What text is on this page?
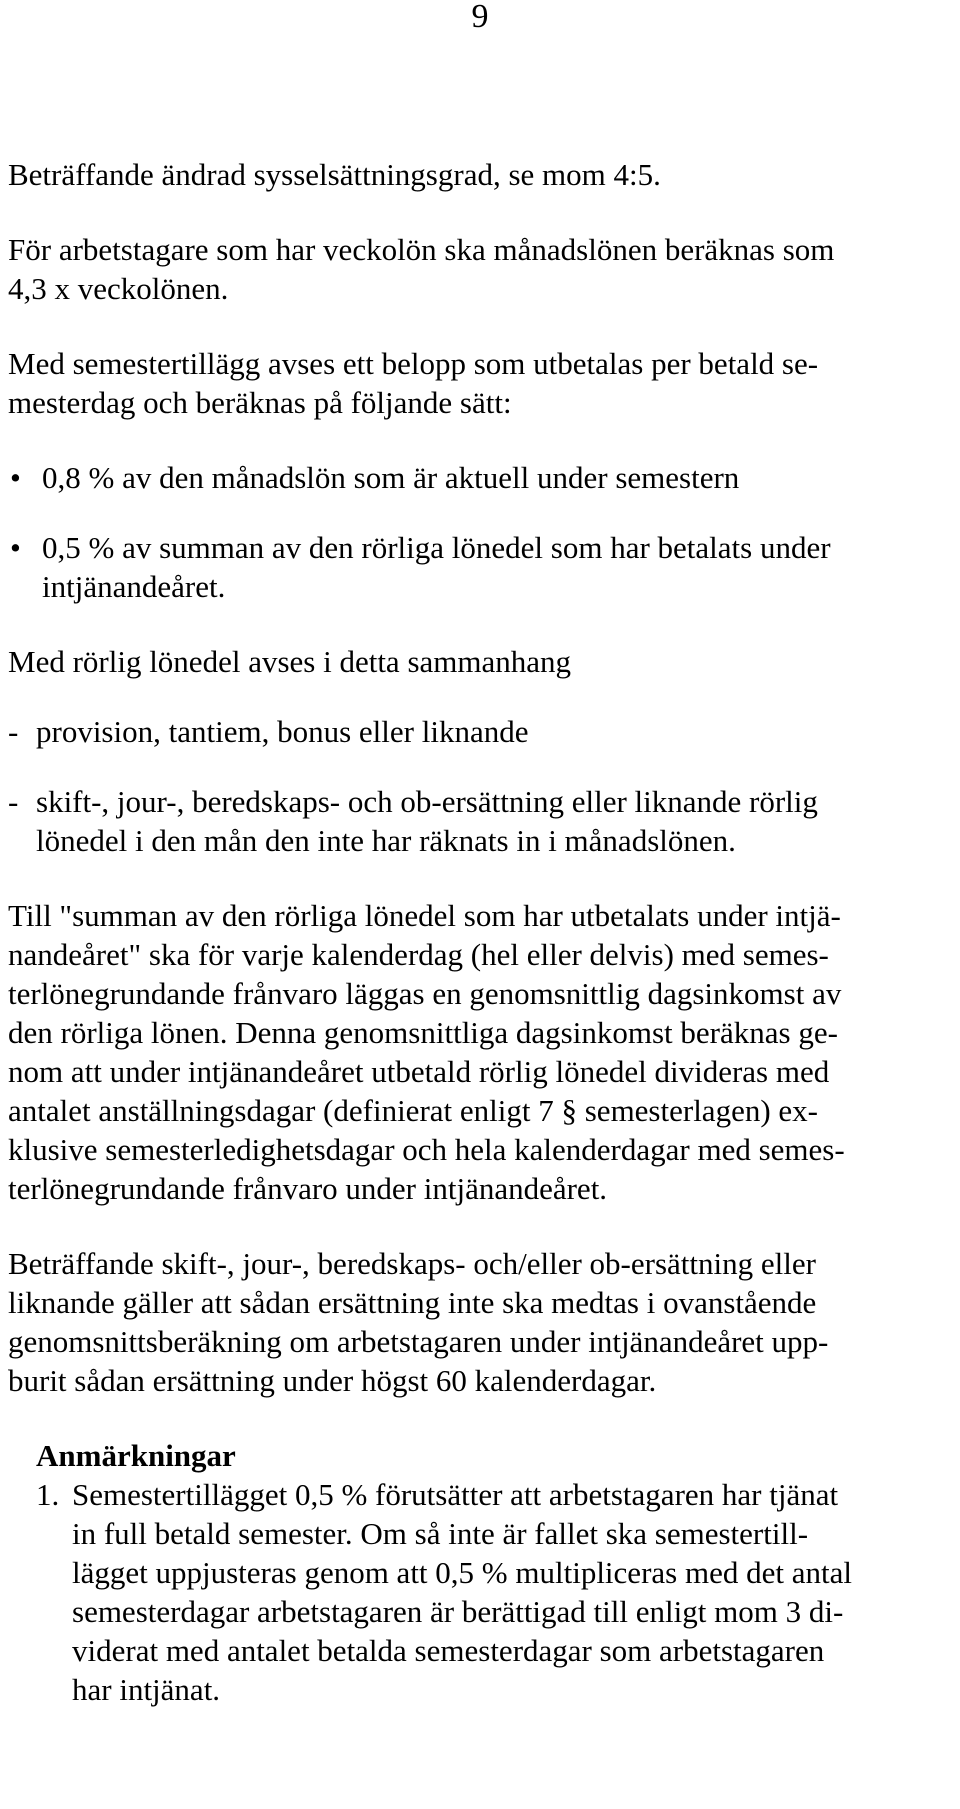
9

Beträffande ändrad sysselsättningsgrad, se mom 4:5.

För arbetstagare som har veckolön ska månadslönen beräknas som
4,3 x veckolönen.

Med semestertillägg avses ett belopp som utbetalas per betald se-
mesterdag och beräknas på följande sätt:

• 0,8 % av den månadslön som är aktuell under semestern
• 0,5 % av summan av den rörliga lönedel som har betalats under
intjänandeåret.

Med rörlig lönedel avses i detta sammanhang

- provision, tantiem, bonus eller liknande
- skift-, jour-, beredskaps- och ob-ersättning eller liknande rörlig
lönedel i den mån den inte har räknats in i månadslönen.

Till "summan av den rörliga lönedel som har utbetalats under intjä-
nandeåret" ska för varje kalenderdag (hel eller delvis) med semes-
terlönegrundande frånvaro läggas en genomsnittlig dagsinkomst av
den rörliga lönen. Denna genomsnittliga dagsinkomst beräknas ge-
nom att under intjänandeåret utbetald rörlig lönedel divideras med
antalet anställningsdagar (definierat enligt 7 § semesterlagen) ex-
klusive semesterledighetsdagar och hela kalenderdagar med semes-
terlönegrundande frånvaro under intjänandeåret.

Beträffande skift-, jour-, beredskaps- och/eller ob-ersättning eller
liknande gäller att sådan ersättning inte ska medtas i ovanstående
genomsnittsberäkning om arbetstagaren under intjänandeåret upp-
burit sådan ersättning under högst 60 kalenderdagar.

Anmärkningar
1. Semestertillägget 0,5 % förutsätter att arbetstagaren har tjänat
in full betald semester. Om så inte är fallet ska semestertill-
lägget uppjusteras genom att 0,5 % multipliceras med det antal
semesterdagar arbetstagaren är berättigad till enligt mom 3 di-
viderat med antalet betalda semesterdagar som arbetstagaren
har intjänat.
